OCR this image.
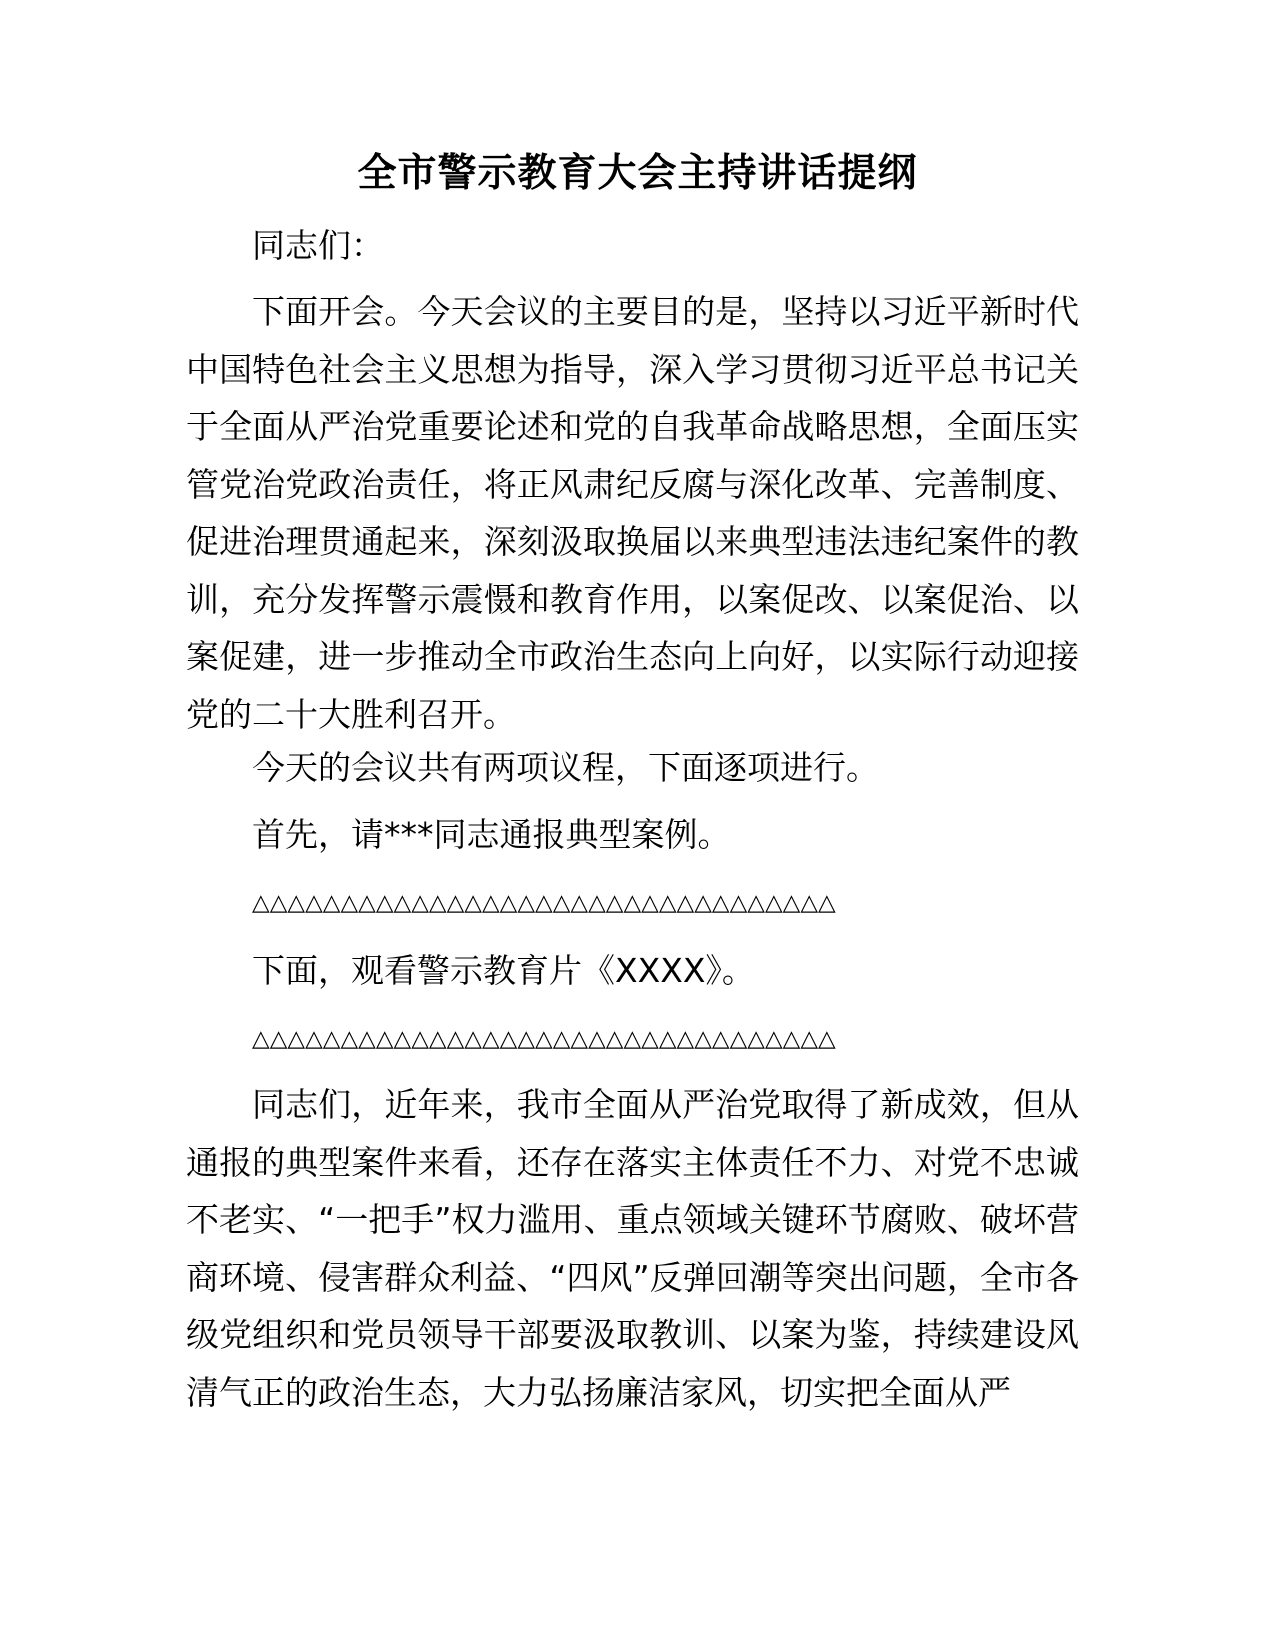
全市警示教育大会主持讲话提纲

同志们：

下面开会。今天会议的主要目的是，坚持以习近平新时代中国特色社会主义思想为指导，深入学习贯彻习近平总书记关于全面从严治党重要论述和党的自我革命战略思想，全面压实管党治党政治责任，将正风肃纪反腐与深化改革、完善制度、促进治理贯通起来，深刻汲取换届以来典型违法违纪案件的教训，充分发挥警示震慑和教育作用，以案促改、以案促治、以案促建，进一步推动全市政治生态向上向好，以实际行动迎接党的二十大胜利召开。

今天的会议共有两项议程，下面逐项进行。

首先，请***同志通报典型案例。

△△△△△△△△△△△△△△△△△△△△△△△△△△△△△△△△△

下面，观看警示教育片《XXXX》。

△△△△△△△△△△△△△△△△△△△△△△△△△△△△△△△△△

同志们，近年来，我市全面从严治党取得了新成效，但从通报的典型案件来看，还存在落实主体责任不力、对党不忠诚不老实、“一把手”权力滥用、重点领域关键环节腐败、破坏营商环境、侵害群众利益、“四风”反弹回潮等突出问题，全市各级党组织和党员领导干部要汲取教训、以案为鉴，持续建设风清气正的政治生态，大力弘扬廉洁家风，切实把全面从严
